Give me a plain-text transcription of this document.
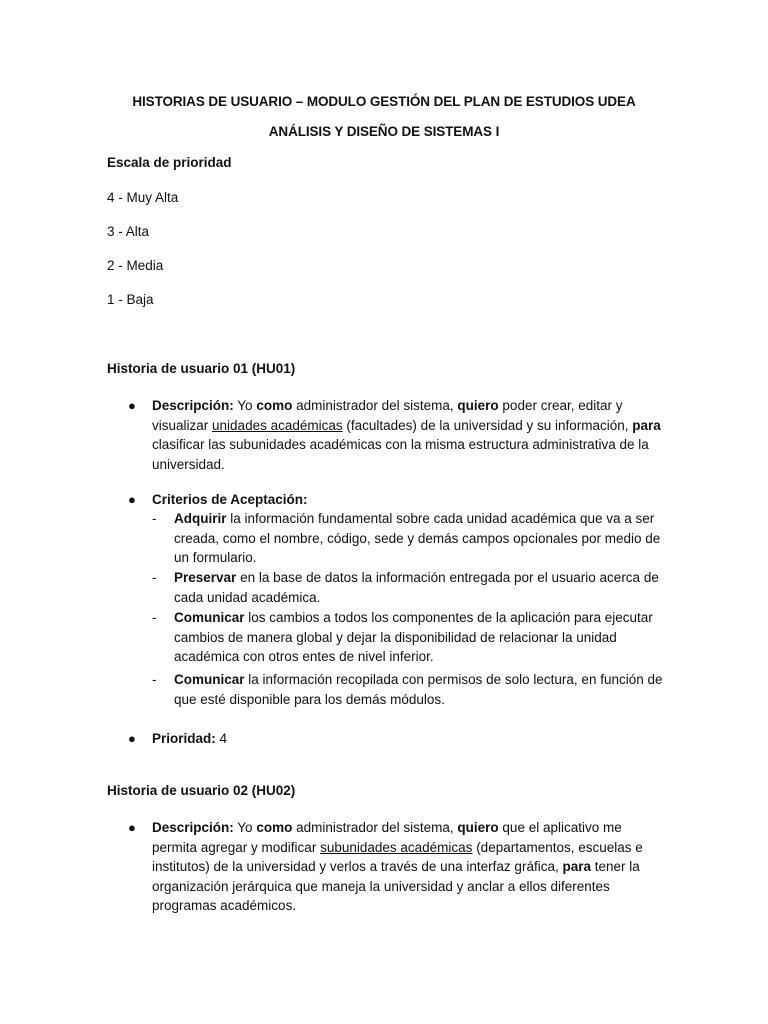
HISTORIAS DE USUARIO – MODULO GESTIÓN DEL PLAN DE ESTUDIOS UDEA
ANÁLISIS Y DISEÑO DE SISTEMAS I
Escala de prioridad
4 - Muy Alta
3 - Alta
2 - Media
1 - Baja
Historia de usuario 01 (HU01)
● Descripción: Yo como administrador del sistema, quiero poder crear, editar y visualizar unidades académicas (facultades) de la universidad y su información, para clasificar las subunidades académicas con la misma estructura administrativa de la universidad.
● Criterios de Aceptación:
- Adquirir la información fundamental sobre cada unidad académica que va a ser creada, como el nombre, código, sede y demás campos opcionales por medio de un formulario.
- Preservar en la base de datos la información entregada por el usuario acerca de cada unidad académica.
- Comunicar los cambios a todos los componentes de la aplicación para ejecutar cambios de manera global y dejar la disponibilidad de relacionar la unidad académica con otros entes de nivel inferior.
- Comunicar la información recopilada con permisos de solo lectura, en función de que esté disponible para los demás módulos.
● Prioridad: 4
Historia de usuario 02 (HU02)
● Descripción: Yo como administrador del sistema, quiero que el aplicativo me permita agregar y modificar subunidades académicas (departamentos, escuelas e institutos) de la universidad y verlos a través de una interfaz gráfica, para tener la organización jerárquica que maneja la universidad y anclar a ellos diferentes programas académicos.
